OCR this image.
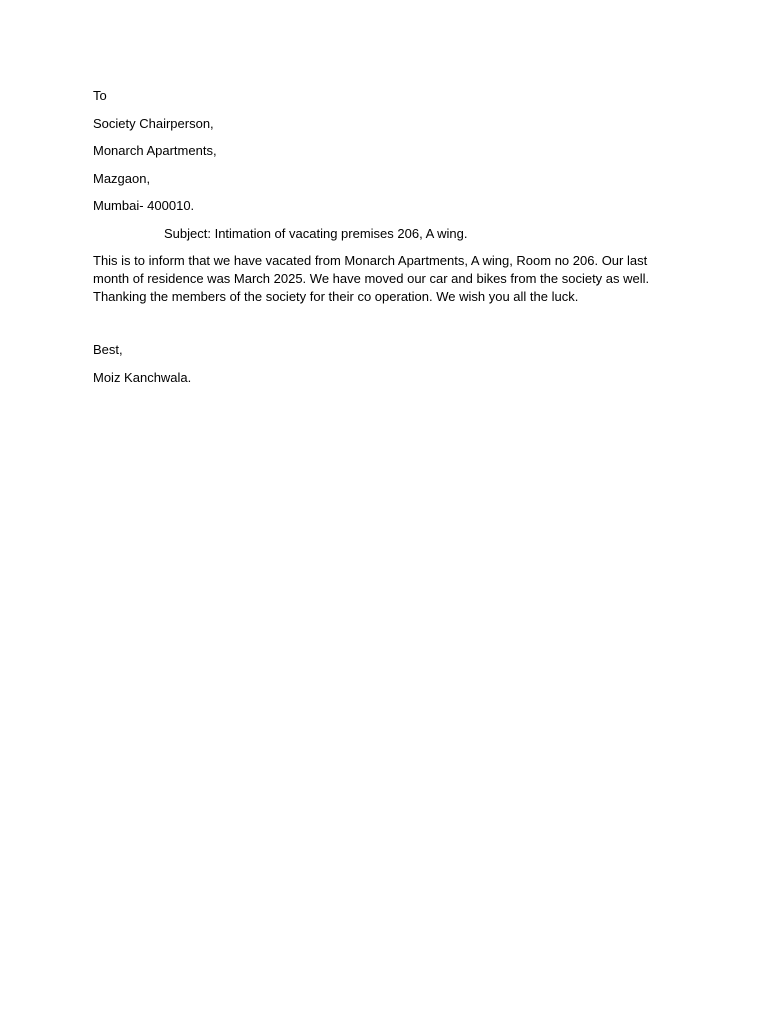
To

Society Chairperson,

Monarch Apartments,

Mazgaon,

Mumbai- 400010.

Subject: Intimation of vacating premises 206, A wing.

This is to inform that we have vacated from Monarch Apartments, A wing, Room no 206. Our last month of residence was March 2025. We have moved our car and bikes from the society as well. Thanking the members of the society for their co operation. We wish you all the luck.

Best,

Moiz Kanchwala.
